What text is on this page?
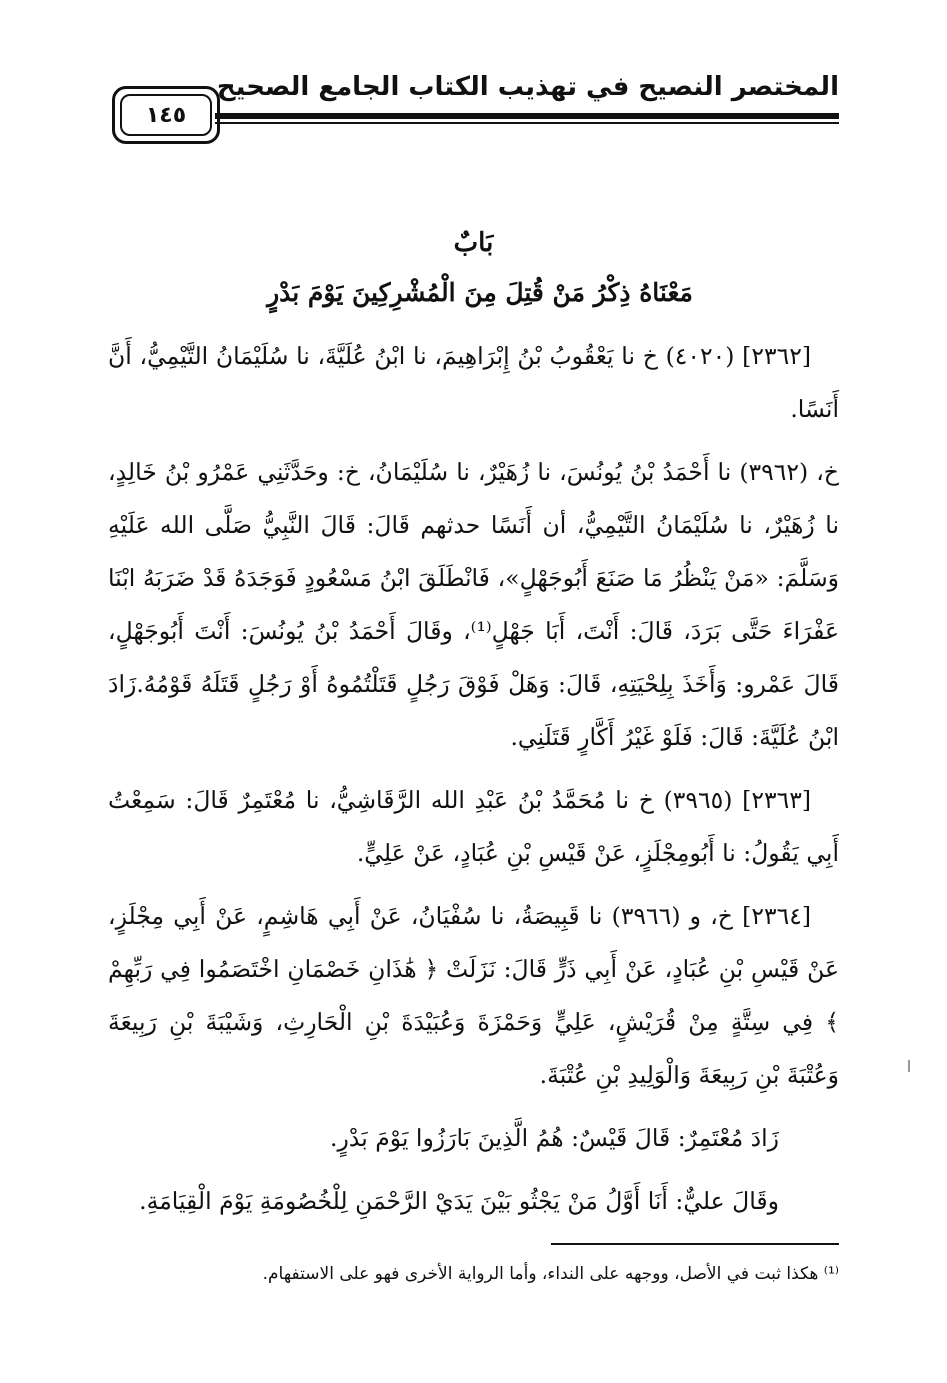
المختصر النصيح في تهذيب الكتاب الجامع الصحيح
١٤٥
بَابٌ
مَعْنَاهُ ذِكْرُ مَنْ قُتِلَ مِنَ الْمُشْرِكِينَ يَوْمَ بَدْرٍ

[٢٣٦٢] (٤٠٢٠) خ نا يَعْقُوبُ بْنُ إِبْرَاهِيمَ، نا ابْنُ عُلَيَّةَ، نا سُلَيْمَانُ التَّيْمِيُّ، أَنَّ أَنَسًا.

خ، (٣٩٦٢) نا أَحْمَدُ بْنُ يُونُسَ، نا زُهَيْرٌ، نا سُلَيْمَانُ، خ: وحَدَّثَنِي عَمْرُو بْنُ خَالِدٍ، نا زُهَيْرٌ، نا سُلَيْمَانُ التَّيْمِيُّ، أن أَنَسًا حدثهم قَالَ: قَالَ النَّبِيُّ صَلَّى الله عَلَيْهِ وَسَلَّمَ: «مَنْ يَنْظُرُ مَا صَنَعَ أَبُوجَهْلٍ»، فَانْطَلَقَ ابْنُ مَسْعُودٍ فَوَجَدَهُ قَدْ ضَرَبَهُ ابْنَا عَفْرَاءَ حَتَّى بَرَدَ، قَالَ: أَنْتَ، أَبَا جَهْلٍ⁽¹⁾، وقَالَ أَحْمَدُ بْنُ يُونُسَ: أَنْتَ أَبُوجَهْلٍ، قَالَ عَمْرو: وَأَخَذَ بِلِحْيَتِهِ، قَالَ: وَهَلْ فَوْقَ رَجُلٍ قَتَلْتُمُوهُ أَوْ رَجُلٍ قَتَلَهُ قَوْمُهُ.زَادَ ابْنُ عُلَيَّةَ: قَالَ: فَلَوْ غَيْرُ أَكَّارٍ قَتَلَنِي.

[٢٣٦٣] (٣٩٦٥) خ نا مُحَمَّدُ بْنُ عَبْدِ الله الرَّقَاشِيُّ، نا مُعْتَمِرٌ قَالَ: سَمِعْتُ أَبِي يَقُولُ: نا أَبُومِجْلَزٍ، عَنْ قَيْسِ بْنِ عُبَادٍ، عَنْ عَلِيٍّ.

[٢٣٦٤] خ، و (٣٩٦٦) نا قَبِيصَةُ، نا سُفْيَانُ، عَنْ أَبِي هَاشِمٍ، عَنْ أَبِي مِجْلَزٍ، عَنْ قَيْسِ بْنِ عُبَادٍ، عَنْ أَبِي ذَرٍّ قَالَ: نَزَلَتْ ﴿ هَٰذَانِ خَصْمَانِ اخْتَصَمُوا فِي رَبِّهِمْ ﴾ فِي سِتَّةٍ مِنْ قُرَيْشٍ، عَلِيٍّ وَحَمْزَةَ وَعُبَيْدَةَ بْنِ الْحَارِثِ، وَشَيْبَةَ بْنِ رَبِيعَةَ وَعُتْبَةَ بْنِ رَبِيعَةَ وَالْوَلِيدِ بْنِ عُتْبَةَ.

زَادَ مُعْتَمِرٌ: قَالَ قَيْسٌ: هُمُ الَّذِينَ بَارَزُوا يَوْمَ بَدْرٍ.

وقَالَ عليٌّ: أَنَا أَوَّلُ مَنْ يَجْثُو بَيْنَ يَدَيْ الرَّحْمَنِ لِلْخُصُومَةِ يَوْمَ الْقِيَامَةِ.

⁽¹⁾ هكذا ثبت في الأصل، ووجهه على النداء، وأما الرواية الأخرى فهو على الاستفهام.
